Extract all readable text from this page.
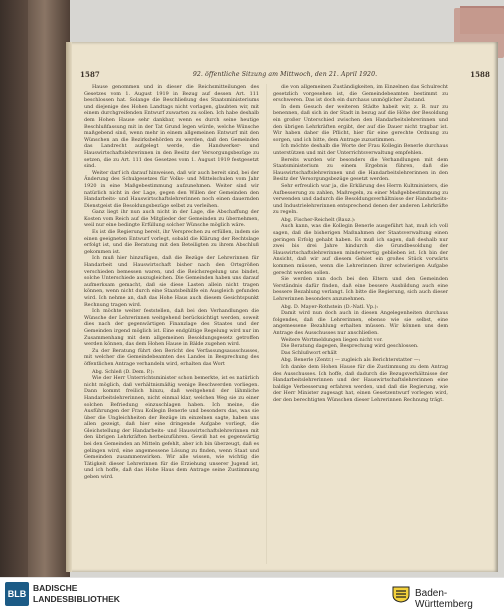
1587	92. öffentliche Sitzung am Mittwoch, den 21. April 1920.	1588

Hause genommen und in dieser die Reichsmitteilungen des Gesetzes vom 1. August 1919 in Bezug auf dessen Art. 111 beschlossen hat. Solange die Beschließung des Staatsministeriums und diejenige des Hohen Landtags nicht vorlagen, glaubten wir, mit einem durchgreifenden Entwurf zuwarten zu sollen. Ich habe deshalb dem Hohen Hause sehr dankbar, wenn es durch seine heutige Beschlußfassung mit in der Tat Grund legen würde, welche Wünsche maßgebend sind, wenn mehr in einem allgemeinen Entwurf mit den Wünschen an die Bezirksbehörden zu werden, daß den Gemeinden das Landrecht aufgelegt werde, die Handwerker- und Hauswirtschaftslehrerinnen in den Besitz der Versorgungsbezüge zu setzen, die zu Art. 111 des Gesetzes vom 1. August 1919 festgesetzt sind.

Weiter darf ich darauf hinweisen, daß wir auch bereit sind, bei der Änderung des Schulgesetzes für Volks- und Mittelschulen vom Jahr 1920 in eine Maßgebestimmung aufzunehmen. Weiter sind wir natürlich nicht in der Lage, gegen den Willen der Gemeinden den Handarbeits- und Hauswirtschaftslehrerinnen noch einen dauernden Dienstgeist die Besoldungsbezüge selbst zu verleihen.

Ganz liegt ihr nun auch nicht in der Lage, die Abschaffung der Kosten vom Reich auf die Mitglieder der Gemeinden zu übernehmen, weil nur eine bedingte Erfüllung solcher Wünsche möglich wäre.

Es ist die Regierung bereit, ihr Versprechen zu erfüllen, indem sie einen geeigneten Entwurf vorlegt, sobald die Klärung der Rechtslage erfolgt ist, und die Beratung mit den Beteiligten zu ihrem Abschluß gekommen ist.

Ich muß hier hinzufügen, daß die Bezüge der Lehrerinnen für Handarbeit und Hauswirtschaft bisher nach den Ortsgrößen verschieden bemessen waren, und die Reichsregelung uns bindet, solche Unterschiede auszugleichen. Die Gemeinden haben uns darauf aufmerksam gemacht, daß sie diese Lasten allein nicht tragen können, wenn nicht durch eine Staatsbeihilfe ein Ausgleich gefunden wird. Ich nehme an, daß das Hohe Haus auch diesem Gesichtspunkt Rechnung tragen wird.

Ich möchte weiter feststellen, daß bei den Verhandlungen die Wünsche der Lehrerinnen weitgehend berücksichtigt werden, soweit dies nach der gegenwärtigen Finanzlage des Staates und der Gemeinden irgend möglich ist. Eine endgültige Regelung wird nur im Zusammenhang mit dem allgemeinen Besoldungsgesetz getroffen werden können, das dem Hohen Hause in Bälde zugehen wird.

Zu der Beratung führt den Bericht des Verfassungsausschusses, mit welcher die Gemeindebeamten des Landes in Besprechung des öffentlichen Antrage verhandeln wird, erhalten das Wort

Abg. Schleß (D. Dem. P.):

Wie der Herr Unterrichtsminister schon bemerkte, ist es natürlich nicht möglich, daß verhältnismäßig wenige Beschwerden vorliegen. Dann kommt freilich hinzu, daß weitgehend der lähmliche Handarbeitslehrerinnen, nicht einmal klar, welchen Weg sie zu einer solchen Befriedung einzuschlagen haben. Ich meine, die Ausführungen der Frau Kollegin Benerle und besonders das, was sie über die Ungleichheiten der Bezüge im einzelnen sagte, haben uns allen gezeigt, daß hier eine dringende Aufgabe vorliegt, die Gleichstellung der Handarbeits- und Hauswirtschaftslehrerinnen mit den übrigen Lehrkräften herbeizuführen. Gewiß hat es gegenwärtig bei den Gemeinden an Mitteln gefehlt, aber ich bin überzeugt, daß es gelingen wird, eine angemessene Lösung zu finden, wenn Staat und Gemeinden zusammenwirken. Wir alle wissen, wie wichtig die Tätigkeit dieser Lehrerinnen für die Erziehung unserer Jugend ist, und ich hoffe, daß das Hohe Haus dem Antrage seine Zustimmung geben wird.

die von allgemeinen Zuständigkeiten, im Einzelnen das Schulrecht gesetzlich vorgesehen ist, die Gemeindebeamten bestimmt zu erschweren. Das ist doch ein durchaus unmöglicher Zustand.

In dem Gesuch der weiteren Städte habeit wir, z. B. nur zu benennen, daß sich in der Stadt in bezug auf die Höhe der Besoldung ein großer Unterschied zwischen den Handarbeitslehrerinnen und den übrigen Lehrkräften ergibt, der auf die Dauer nicht tragbar ist. Wir haben daher die Pflicht, hier für eine gerechte Ordnung zu sorgen, und ich bitte, dem Antrage zuzustimmen.

Ich möchte deshalb die Worte der Frau Kollegin Benerle durchaus unterstützen und mit der Unterrichtsverwaltung empfehlen.

Bereits wurden wir besonders die Verhandlungen mit dem Staatsministerium zu einem Ergebnis führen, daß die Hauswirtschaftslehrerinnen und die Handarbeitslehrerinnen in den Besitz der Versorgungsbezüge gesetzt werden.

Sehr erfreulich war ja, die Erklärung des Herrn Kultministers, die Aufbesserung zu zahlen, Maßregeln, zu einer Maßgebbestimmung zu verwenden und dadurch die Besoldungsverhältnisse der Handarbeits- und Industrielehrerinnen entsprechend denen der anderen Lehrkräfte zu regeln.

Abg. Fischer-Reichelt (Bauz.):

Auch kann, was die Kollegin Benerle ausgeführt hat, muß ich voll sagen, daß die bisherigen Maßnahmen der Staatsverwaltung einen geringen Erfolg gehabt haben. Es muß ich sagen, daß deshalb nur zwei bis drei Jahre hindurch die Grundbesoldung der Hauswirtschaftslehrerinnen minderwertig geblieben ist. Ich bin der Ansicht, daß wir auf diesem Gebiet ein großes Stück vorwärts kommen müssen, wenn die Lehrerinnen ihrer schwierigen Aufgabe gerecht werden sollen.

Sie werden nun doch bei den Eltern und den Gemeinden Verständnis dafür finden, daß eine bessere Ausbildung auch eine bessere Bezahlung verlangt. Ich bitte die Regierung, sich auch dieser Lehrerinnen besonders anzunehmen.

Abg. D. Mayer-Rothstein (D.-Natl. Vp.):

Damit wird nun doch auch in diesen Angelegenheiten durchaus folgendes, daß die Lehrerinnen, ebenso wie sie selbst, eine angemessene Bezahlung erhalten müssen. Wir können uns dem Antrage des Ausschusses nur anschließen.

Weitere Wortmeldungen liegen nicht vor.

Die Beratung dagegen, Besprechung wird geschlossen.

Das Schlußwort erhält

Abg. Benerle (Zentr.) — zugleich als Berichterstatter —:

Ich danke dem Hohen Hause für die Zustimmung zu dem Antrag des Ausschusses. Ich hoffe, daß dadurch die Bezugsverhältnisse der Handarbeitslehrerinnen und der Hauswirtschaftslehrerinnen eine baldige Verbesserung erfahren werden, und daß die Regierung, wie der Herr Minister zugesagt hat, einen Gesetzentwurf vorlegen wird, der den berechtigten Wünschen dieser Lehrerinnen Rechnung trägt.

BLB
BADISCHE
LANDESBIBLIOTHEK	Baden-Württemberg
